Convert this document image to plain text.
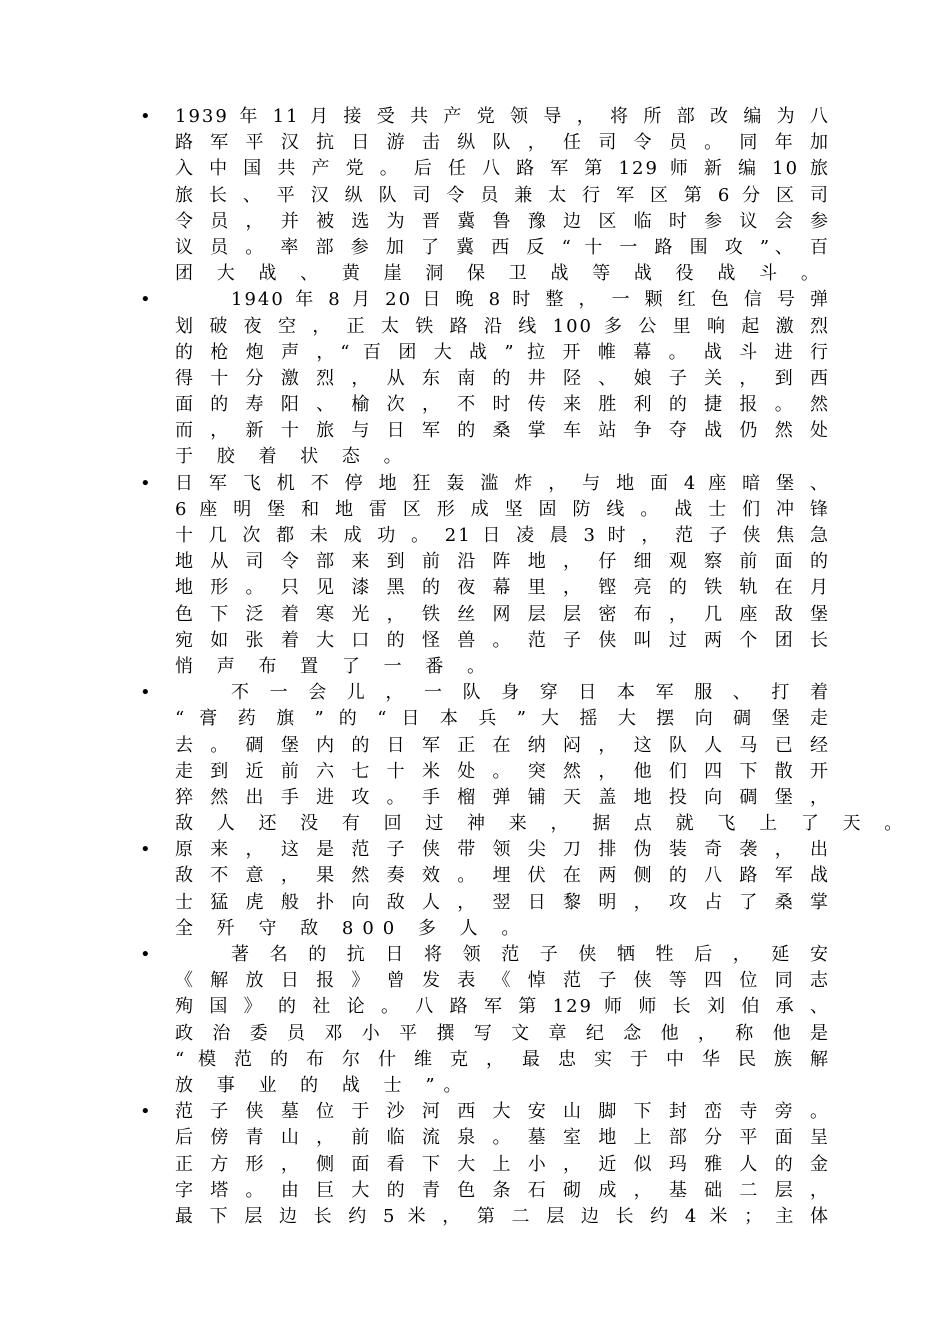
• 1939 年 11 月 接 受 共 产 党 领 导 ， 将 所 部 改 编 为 八
路 军 平 汉 抗 日 游 击 纵 队 ， 任 司 令 员 。 同 年 加
入 中 国 共 产 党 。 后 任 八 路 军 第 129 师 新 编 10 旅
旅 长 、 平 汉 纵 队 司 令 员 兼 太 行 军 区 第 6 分 区 司
令 员 ， 并 被 选 为 晋 冀 鲁 豫 边 区 临 时 参 议 会 参
议 员 。 率 部 参 加 了 冀 西 反 “ 十 一 路 围 攻 ”、 百
团 大 战 、 黄 崖 洞 保 卫 战 等 战 役 战 斗 。
•	1940 年 8 月 20 日 晚 8 时 整 ， 一 颗 红 色 信 号 弹
划 破 夜 空 ， 正 太 铁 路 沿 线 100 多 公 里 响 起 激 烈
的 枪 炮 声 ，“ 百 团 大 战 ” 拉 开 帷 幕 。 战 斗 进 行
得 十 分 激 烈 ， 从 东 南 的 井 陉 、 娘 子 关 ， 到 西
面 的 寿 阳 、 榆 次 ， 不 时 传 来 胜 利 的 捷 报 。 然
而 ， 新 十 旅 与 日 军 的 桑 掌 车 站 争 夺 战 仍 然 处
于 胶 着 状 态 。
• 日 军 飞 机 不 停 地 狂 轰 滥 炸 ， 与 地 面 4 座 暗 堡 、
6 座 明 堡 和 地 雷 区 形 成 坚 固 防 线 。 战 士 们 冲 锋
十 几 次 都 未 成 功 。 21 日 凌 晨 3 时 ， 范 子 侠 焦 急
地 从 司 令 部 来 到 前 沿 阵 地 ， 仔 细 观 察 前 面 的
地 形 。 只 见 漆 黑 的 夜 幕 里 ， 铿 亮 的 铁 轨 在 月
色 下 泛 着 寒 光 ， 铁 丝 网 层 层 密 布 ， 几 座 敌 堡
宛 如 张 着 大 口 的 怪 兽 。 范 子 侠 叫 过 两 个 团 长
悄 声 布 置 了 一 番 。
•	不 一 会 儿 ， 一 队 身 穿 日 本 军 服 、 打 着
“ 膏 药 旗 ” 的 “ 日 本 兵 ” 大 摇 大 摆 向 碉 堡 走
去 。 碉 堡 内 的 日 军 正 在 纳 闷 ， 这 队 人 马 已 经
走 到 近 前 六 七 十 米 处 。 突 然 ， 他 们 四 下 散 开
猝 然 出 手 进 攻 。 手 榴 弹 铺 天 盖 地 投 向 碉 堡 ，
敌 人 还 没 有 回 过 神 来 ， 据 点 就 飞 上 了 天 。
• 原 来 ， 这 是 范 子 侠 带 领 尖 刀 排 伪 装 奇 袭 ， 出
敌 不 意 ， 果 然 奏 效 。 埋 伏 在 两 侧 的 八 路 军 战
士 猛 虎 般 扑 向 敌 人 ， 翌 日 黎 明 ， 攻 占 了 桑 掌
全 歼 守 敌 800 多 人 。
•	著 名 的 抗 日 将 领 范 子 侠 牺 牲 后 ， 延 安
《 解 放 日 报 》 曾 发 表 《 悼 范 子 侠 等 四 位 同 志
殉 国 》 的 社 论 。 八 路 军 第 129 师 师 长 刘 伯 承 、
政 治 委 员 邓 小 平 撰 写 文 章 纪 念 他 ， 称 他 是
“ 模 范 的 布 尔 什 维 克 ， 最 忠 实 于 中 华 民 族 解
放 事 业 的 战 士 ”。
• 范 子 侠 墓 位 于 沙 河 西 大 安 山 脚 下 封 峦 寺 旁 。
后 傍 青 山 ， 前 临 流 泉 。 墓 室 地 上 部 分 平 面 呈
正 方 形 ， 侧 面 看 下 大 上 小 ， 近 似 玛 雅 人 的 金
字 塔 。 由 巨 大 的 青 色 条 石 砌 成 ， 基 础 二 层 ，
最 下 层 边 长 约 5 米 ， 第 二 层 边 长 约 4 米 ； 主 体
